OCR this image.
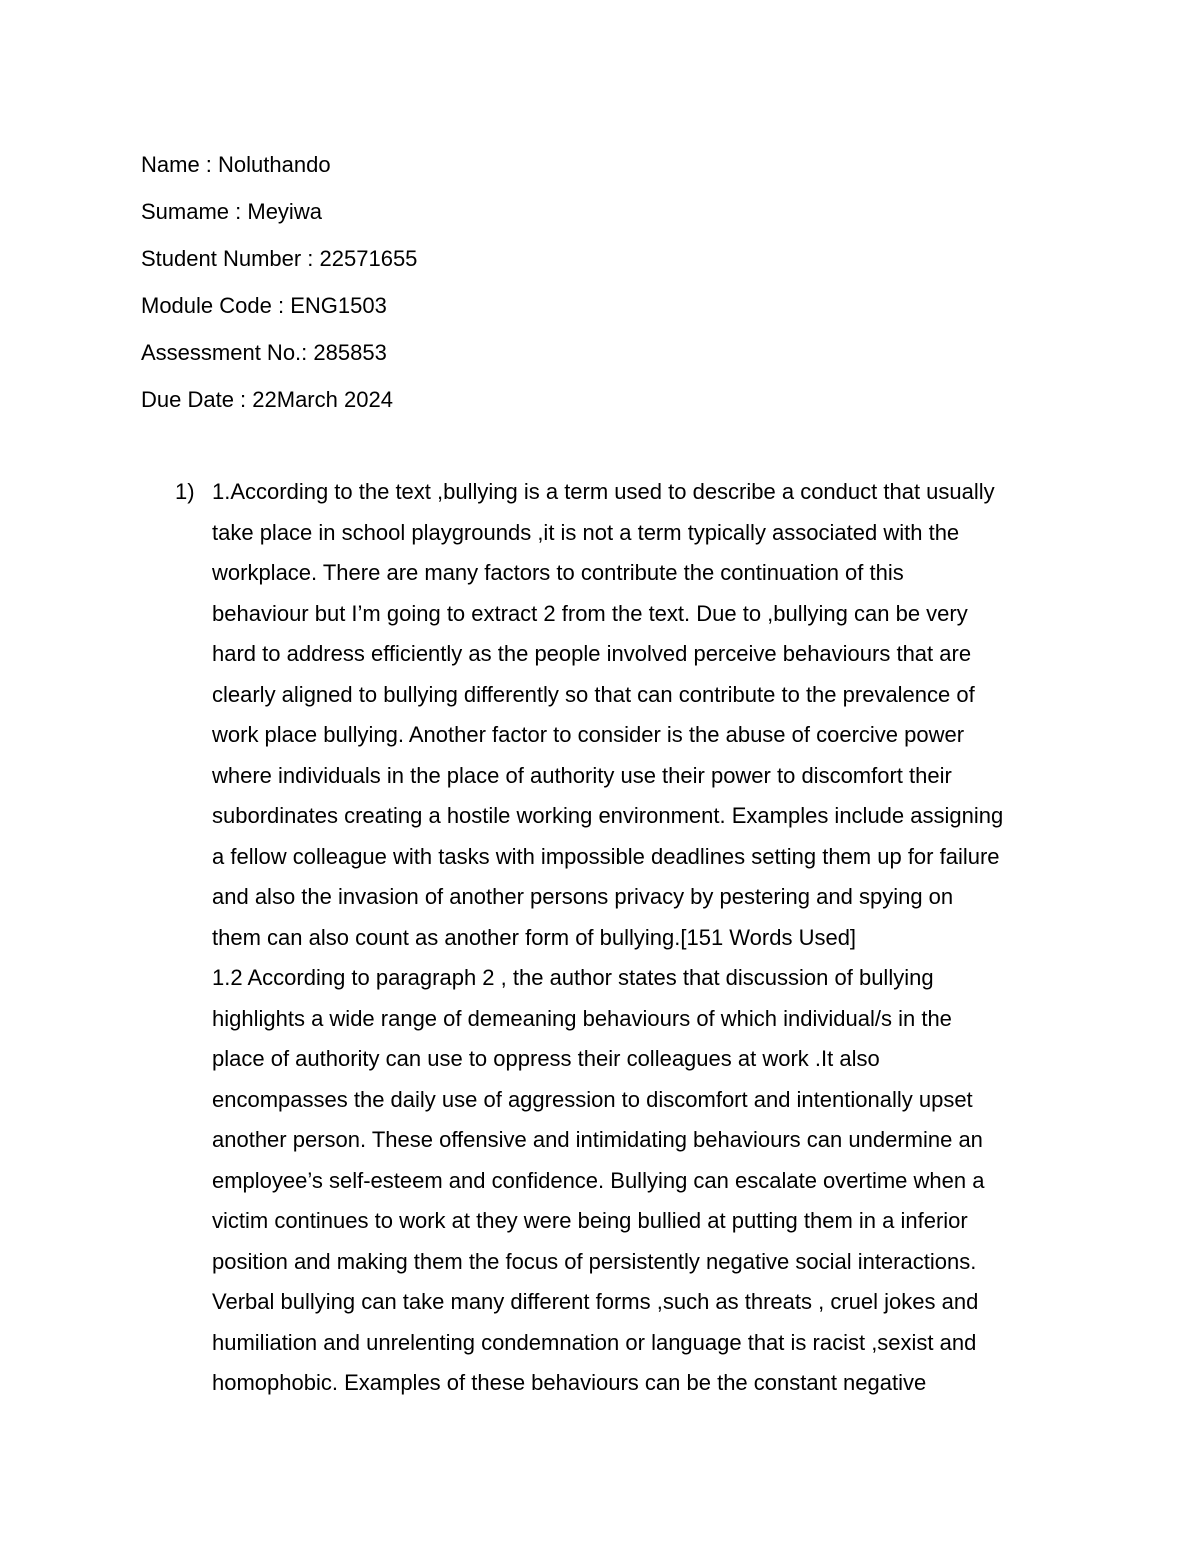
Name : Noluthando
Sumame : Meyiwa
Student Number : 22571655
Module Code : ENG1503
Assessment No.: 285853
Due Date : 22March 2024
1) 1.According to the text ,bullying is a term used to describe a conduct that usually
take place in school playgrounds ,it is not a term typically associated with the
workplace. There are many factors to contribute the continuation of this
behaviour but I’m going to extract 2 from the text. Due to ,bullying can be very
hard to address efficiently as the people involved perceive behaviours that are
clearly aligned to bullying differently so that can contribute to the prevalence of
work place bullying. Another factor to consider is the abuse of coercive power
where individuals in the place of authority use their power to discomfort their
subordinates creating a hostile working environment. Examples include assigning
a fellow colleague with tasks with impossible deadlines setting them up for failure
and also the invasion of another persons privacy by pestering and spying on
them can also count as another form of bullying.[151 Words Used]
1.2 According to paragraph 2 , the author states that discussion of bullying
highlights a wide range of demeaning behaviours of which individual/s in the
place of authority can use to oppress their colleagues at work .It also
encompasses the daily use of aggression to discomfort and intentionally upset
another person. These offensive and intimidating behaviours can undermine an
employee’s self-esteem and confidence. Bullying can escalate overtime when a
victim continues to work at they were being bullied at putting them in a inferior
position and making them the focus of persistently negative social interactions.
Verbal bullying can take many different forms ,such as threats , cruel jokes and
humiliation and unrelenting condemnation or language that is racist ,sexist and
homophobic. Examples of these behaviours can be the constant negative
